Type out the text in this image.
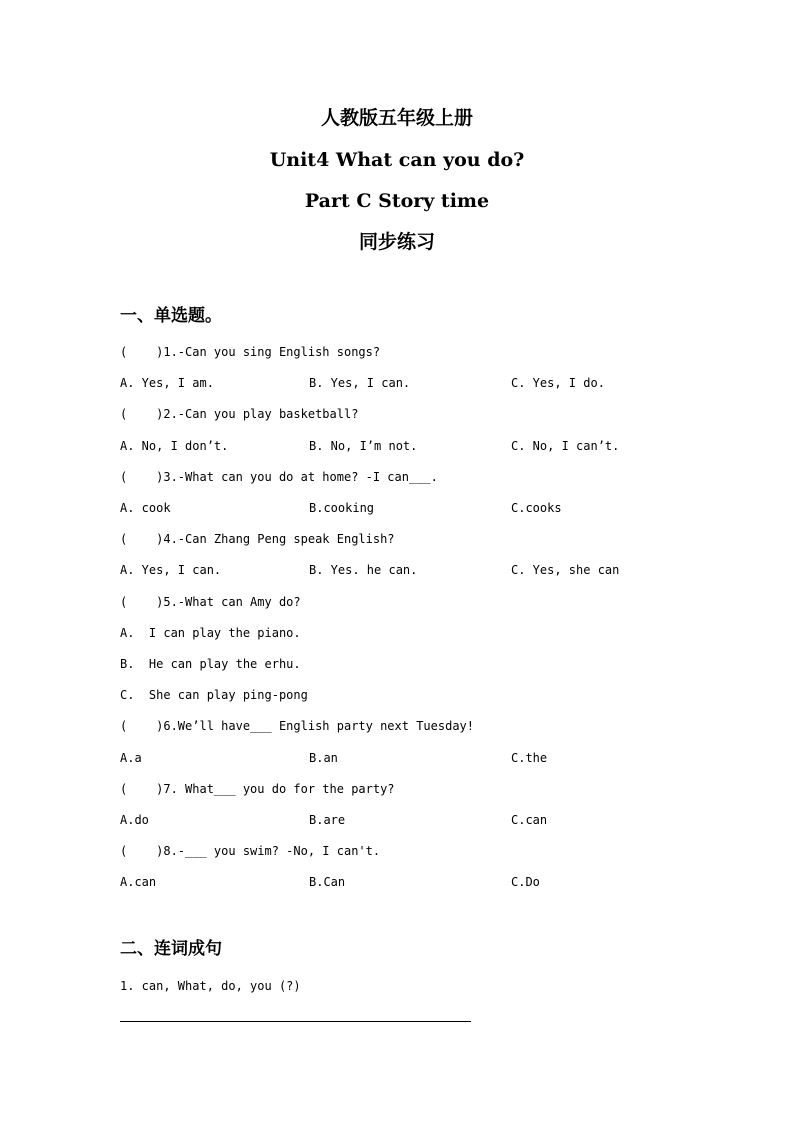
人教版五年级上册
Unit4 What can you do?
Part C Story time
同步练习
一、单选题。
(    )1.-Can you sing English songs?
A. Yes, I am.	B. Yes, I can.	C. Yes, I do.
(    )2.-Can you play basketball?
A. No, I don’t.	B. No, I’m not.	C. No, I can’t.
(    )3.-What can you do at home? -I can___.
A. cook	B.cooking	C.cooks
(    )4.-Can Zhang Peng speak English?
A. Yes, I can.	B. Yes. he can.	C. Yes, she can
(    )5.-What can Amy do?
A.  I can play the piano.
B.  He can play the erhu.
C.  She can play ping-pong
(    )6.We’ll have___ English party next Tuesday!
A.a	B.an	C.the
(    )7. What___ you do for the party?
A.do	B.are	C.can
(    )8.-___ you swim? -No, I can't.
A.can	B.Can	C.Do
二、连词成句
1. can, What, do, you (?)
